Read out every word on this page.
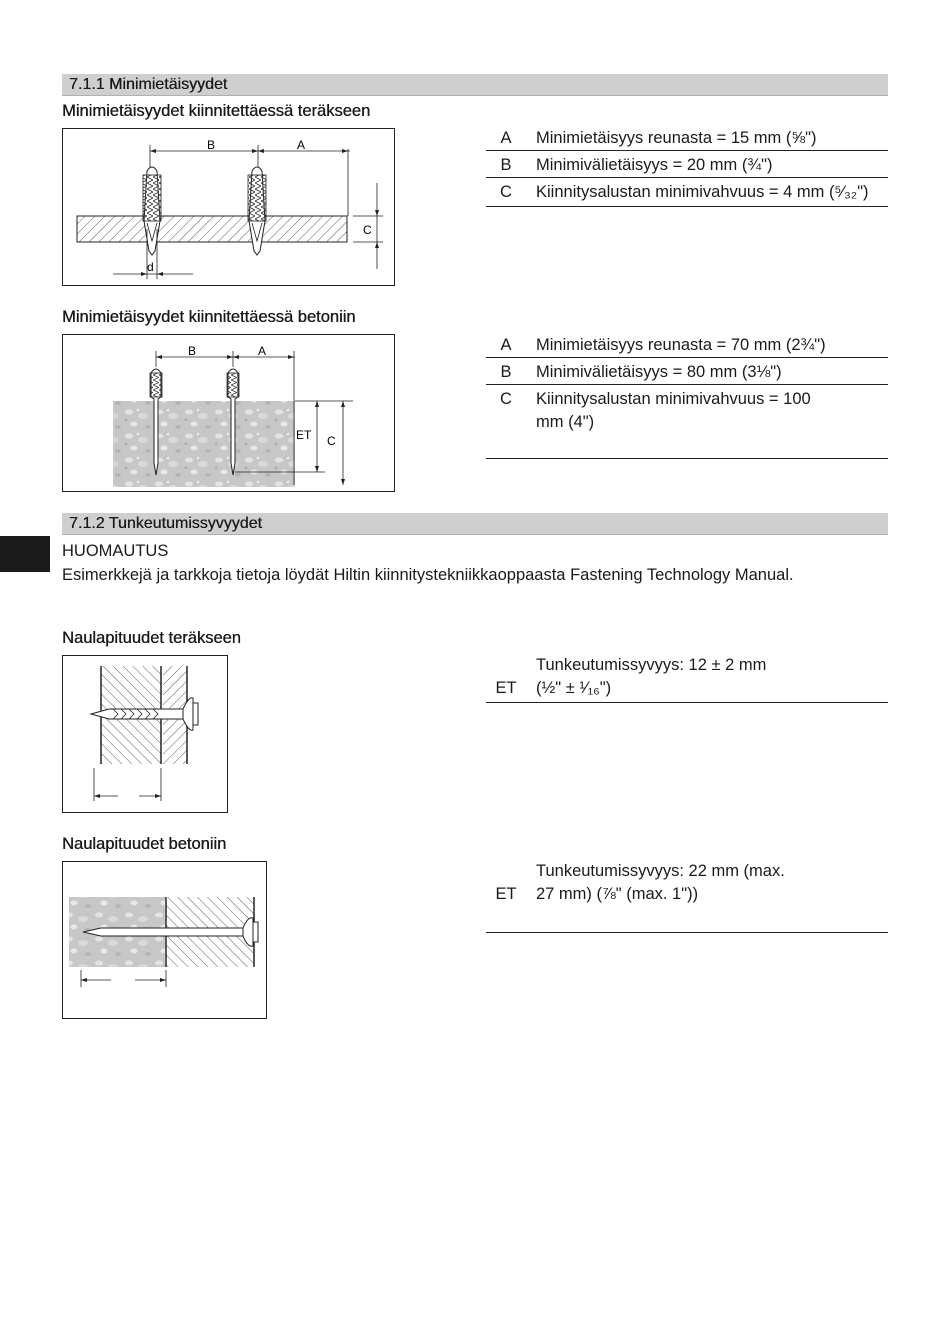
7.1.1 Minimietäisyydet
Minimietäisyydet kiinnitettäessä teräkseen
B	A
C
d
A	Minimietäisyys reunasta = 15 mm (⅝")
B	Minimivälietäisyys = 20 mm (¾")
C	Kiinnitysalustan minimivahvuus = 4 mm (⁵⁄₃₂")
Minimietäisyydet kiinnitettäessä betoniin
B	A
ET C
A	Minimietäisyys reunasta = 70 mm (2¾")
B	Minimivälietäisyys = 80 mm (3⅛")
C	Kiinnitysalustan minimivahvuus = 100 mm (4")
7.1.2 Tunkeutumissyvyydet
HUOMAUTUS
Esimerkkejä ja tarkkoja tietoja löydät Hiltin kiinnitystekniikkaoppaasta Fastening Technology Manual.
Naulapituudet teräkseen
ET
Tunkeutumissyvyys: 12 ± 2 mm
(½" ± ¹⁄₁₆")
Naulapituudet betoniin
ET
Tunkeutumissyvyys: 22 mm (max.
27 mm) (⅞" (max. 1"))
